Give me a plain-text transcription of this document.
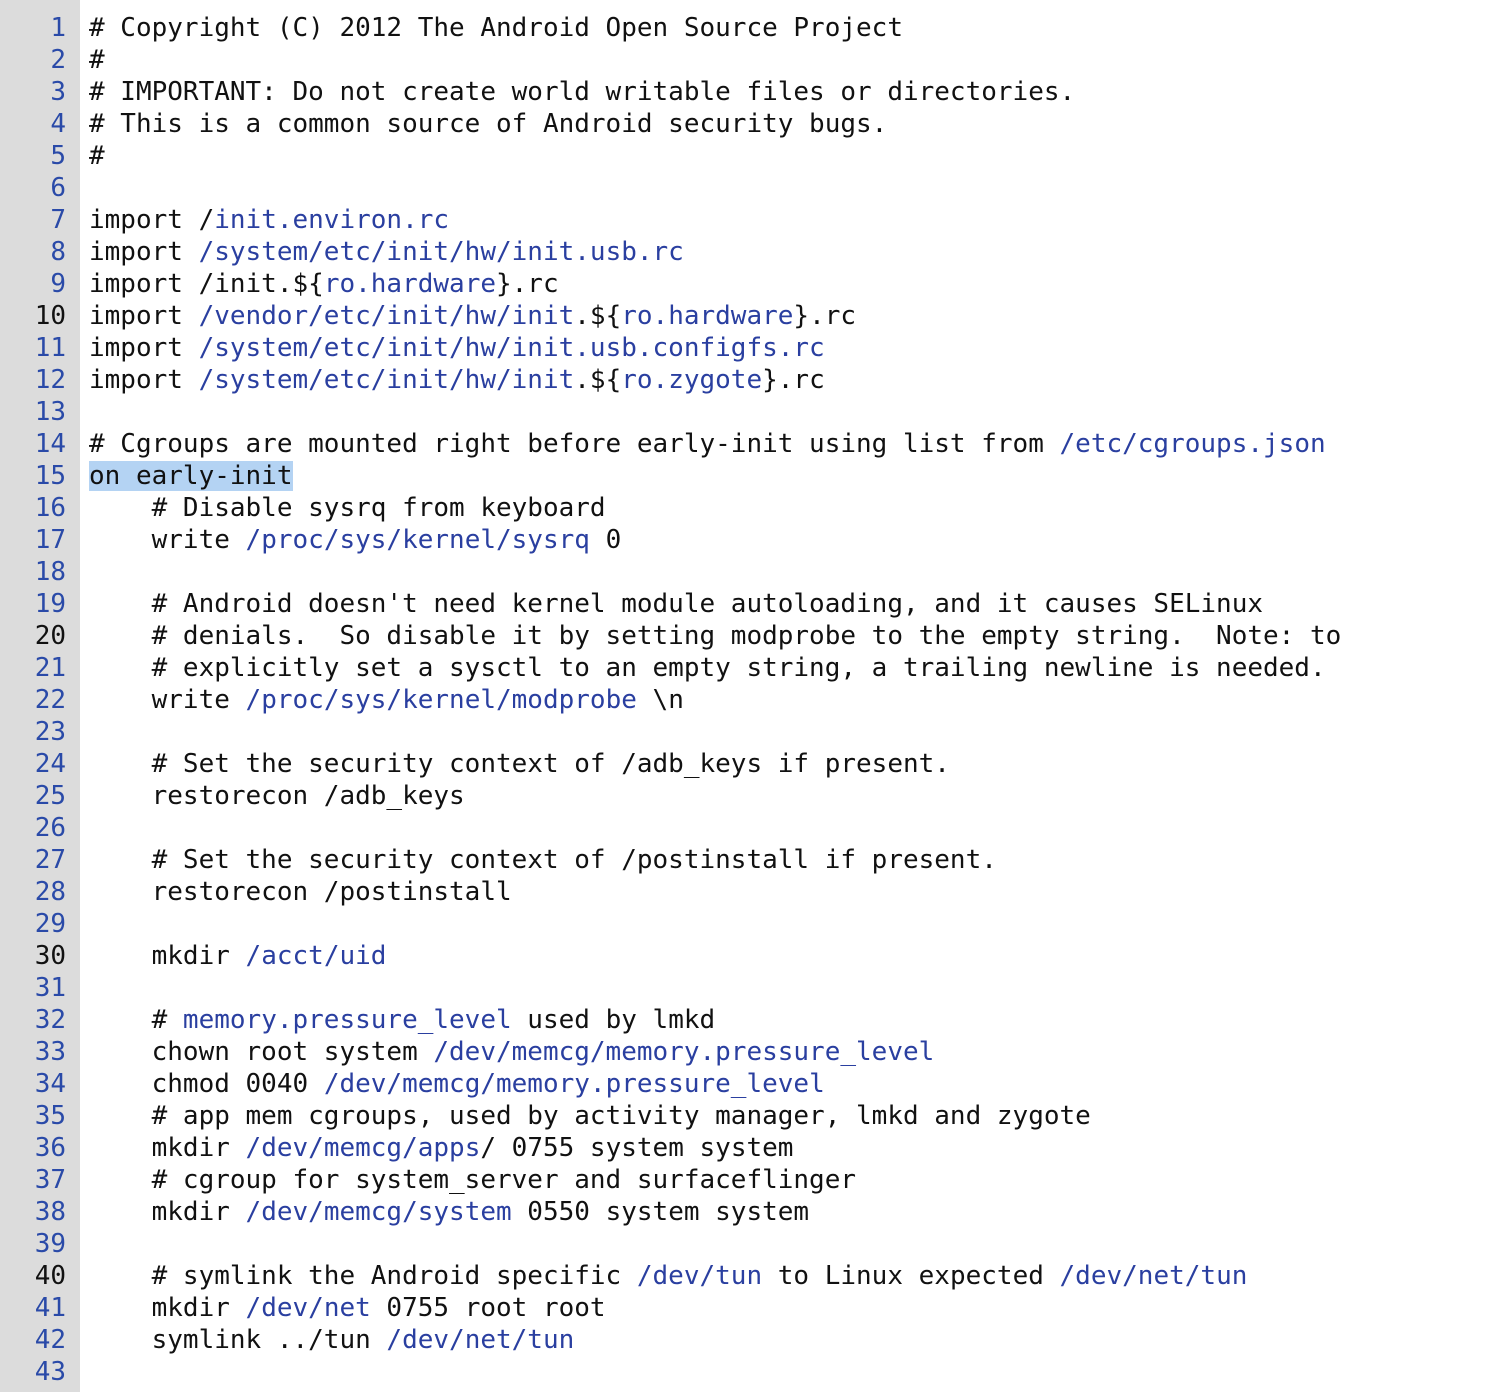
1 # Copyright (C) 2012 The Android Open Source Project
2 #
3 # IMPORTANT: Do not create world writable files or directories.
4 # This is a common source of Android security bugs.
5 #
6
7 import /init.environ.rc
8 import /system/etc/init/hw/init.usb.rc
9 import /init.${ro.hardware}.rc
10 import /vendor/etc/init/hw/init.${ro.hardware}.rc
11 import /system/etc/init/hw/init.usb.configfs.rc
12 import /system/etc/init/hw/init.${ro.zygote}.rc
13
14 # Cgroups are mounted right before early-init using list from /etc/cgroups.json
15 on early-init
16 # Disable sysrq from keyboard
17 write /proc/sys/kernel/sysrq 0
18
19 # Android doesn't need kernel module autoloading, and it causes SELinux
20 # denials.  So disable it by setting modprobe to the empty string.  Note: to
21 # explicitly set a sysctl to an empty string, a trailing newline is needed.
22 write /proc/sys/kernel/modprobe \n
23
24 # Set the security context of /adb_keys if present.
25 restorecon /adb_keys
26
27 # Set the security context of /postinstall if present.
28 restorecon /postinstall
29
30 mkdir /acct/uid
31
32 # memory.pressure_level used by lmkd
33 chown root system /dev/memcg/memory.pressure_level
34 chmod 0040 /dev/memcg/memory.pressure_level
35 # app mem cgroups, used by activity manager, lmkd and zygote
36 mkdir /dev/memcg/apps/ 0755 system system
37 # cgroup for system_server and surfaceflinger
38 mkdir /dev/memcg/system 0550 system system
39
40 # symlink the Android specific /dev/tun to Linux expected /dev/net/tun
41 mkdir /dev/net 0755 root root
42 symlink ../tun /dev/net/tun
43
